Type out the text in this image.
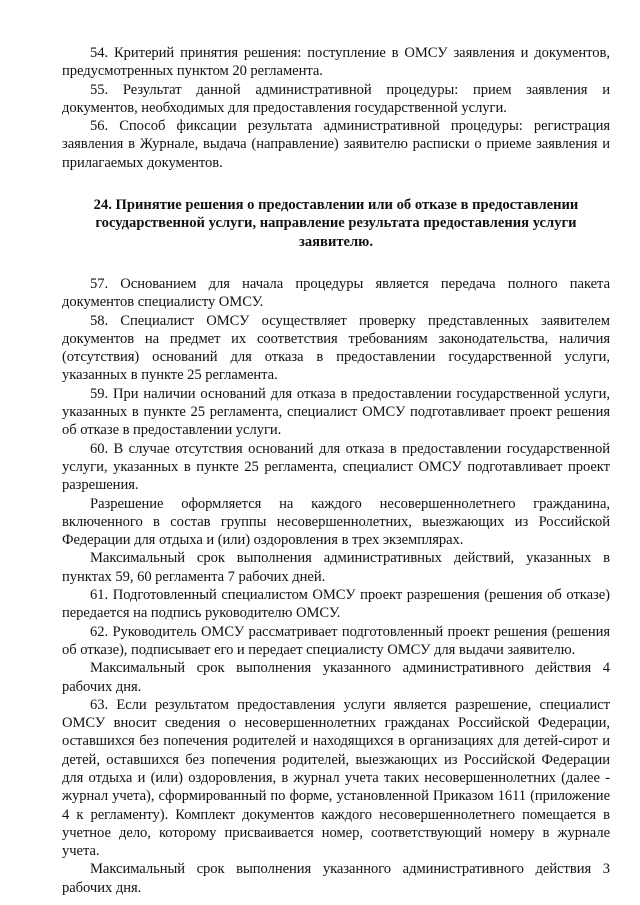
54. Критерий принятия решения: поступление в ОМСУ заявления и документов, предусмотренных пунктом 20 регламента.

55. Результат данной административной процедуры: прием заявления и документов, необходимых для предоставления государственной услуги.

56. Способ фиксации результата административной процедуры: регистрация заявления в Журнале, выдача (направление) заявителю расписки о приеме заявления и прилагаемых документов.

24. Принятие решения о предоставлении или об отказе в предоставлении государственной услуги, направление результата предоставления услуги заявителю.

57. Основанием для начала процедуры является передача полного пакета документов специалисту ОМСУ.

58. Специалист ОМСУ осуществляет проверку представленных заявителем документов на предмет их соответствия требованиям законодательства, наличия (отсутствия) оснований для отказа в предоставлении государственной услуги, указанных в пункте 25 регламента.

59. При наличии оснований для отказа в предоставлении государственной услуги, указанных в пункте 25 регламента, специалист ОМСУ подготавливает проект решения об отказе в предоставлении услуги.

60. В случае отсутствия оснований для отказа в предоставлении государственной услуги, указанных в пункте 25 регламента, специалист ОМСУ подготавливает проект разрешения.

Разрешение оформляется на каждого несовершеннолетнего гражданина, включенного в состав группы несовершеннолетних, выезжающих из Российской Федерации для отдыха и (или) оздоровления в трех экземплярах.

Максимальный срок выполнения административных действий, указанных в пунктах 59, 60 регламента 7 рабочих дней.

61. Подготовленный специалистом ОМСУ проект разрешения (решения об отказе) передается на подпись руководителю ОМСУ.

62. Руководитель ОМСУ рассматривает подготовленный проект решения (решения об отказе), подписывает его и передает специалисту ОМСУ для выдачи заявителю.

Максимальный срок выполнения указанного административного действия 4 рабочих дня.

63. Если результатом предоставления услуги является разрешение, специалист ОМСУ вносит сведения о несовершеннолетних гражданах Российской Федерации, оставшихся без попечения родителей и находящихся в организациях для детей-сирот и детей, оставшихся без попечения родителей, выезжающих из Российской Федерации для отдыха и (или) оздоровления, в журнал учета таких несовершеннолетних (далее - журнал учета), сформированный по форме, установленной Приказом 1611 (приложение 4 к регламенту). Комплект документов каждого несовершеннолетнего помещается в учетное дело, которому присваивается номер, соответствующий номеру в журнале учета.

Максимальный срок выполнения указанного административного действия 3 рабочих дня.
